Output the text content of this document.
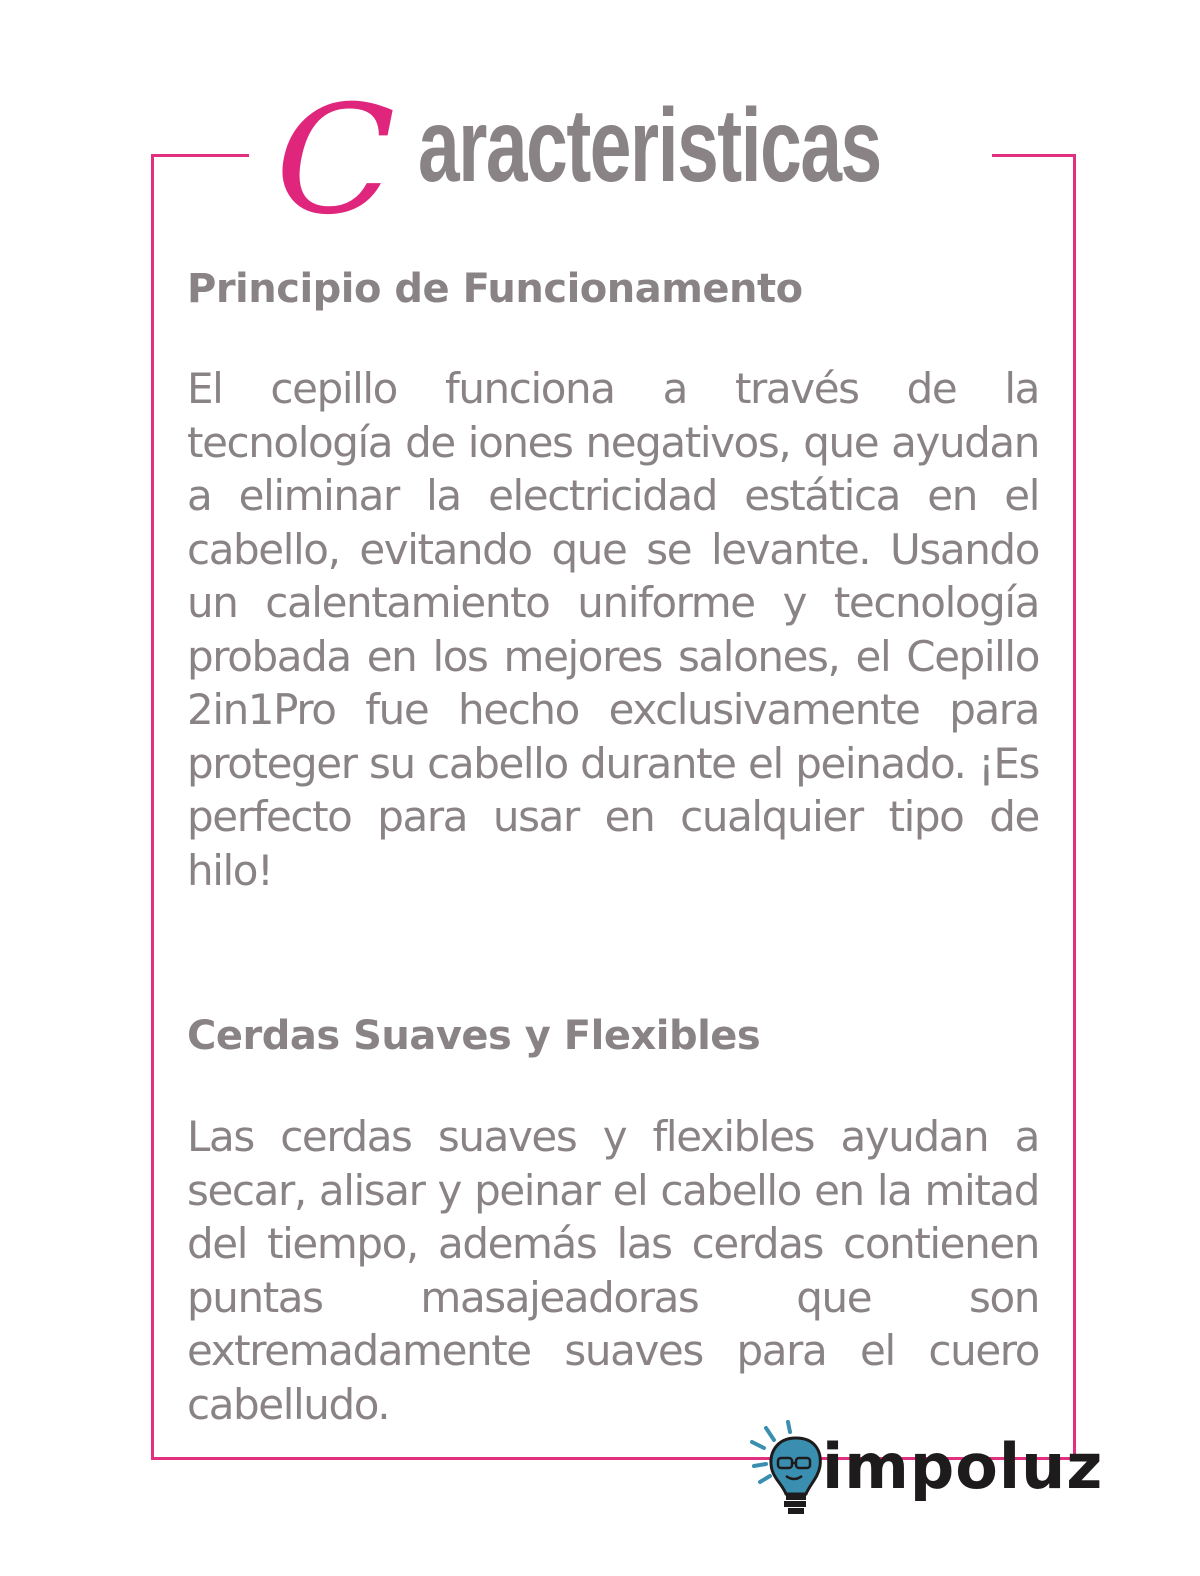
C aracteristicas
Principio de Funcionamento
El cepillo funciona a través de la tecnología de iones negativos, que ayudan a eliminar la electricidad estática en el cabello, evitando que se levante. Usando un calentamiento uniforme y tecnología probada en los mejores salones, el Cepillo 2in1Pro fue hecho exclusivamente para proteger su cabello durante el peinado. ¡Es perfecto para usar en cualquier tipo de hilo!
Cerdas Suaves y Flexibles
Las cerdas suaves y flexibles ayudan a secar, alisar y peinar el cabello en la mitad del tiempo, además las cerdas contienen puntas masajeadoras que son extremadamente suaves para el cuero cabelludo.
impoluz
